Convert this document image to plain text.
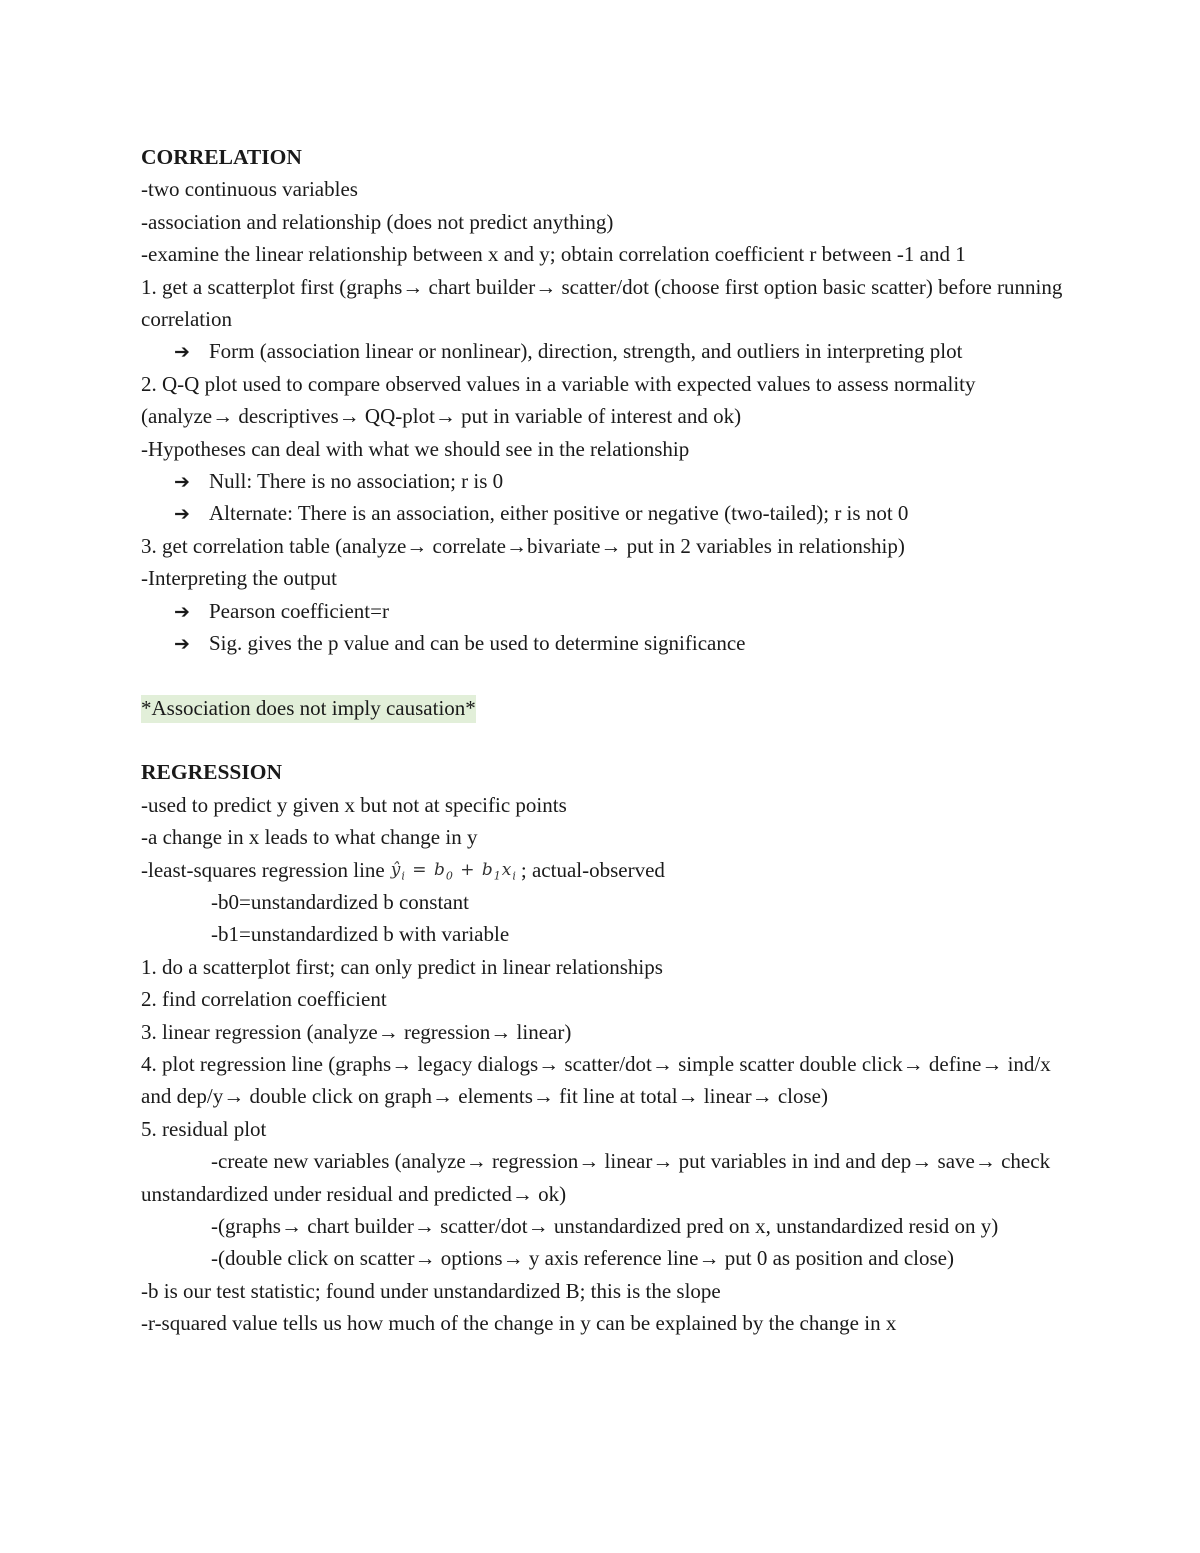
CORRELATION
-two continuous variables
-association and relationship (does not predict anything)
-examine the linear relationship between x and y; obtain correlation coefficient r between -1 and 1
1. get a scatterplot first (graphs→ chart builder→ scatter/dot (choose first option basic scatter) before running correlation
➔ Form (association linear or nonlinear), direction, strength, and outliers in interpreting plot
2. Q-Q plot used to compare observed values in a variable with expected values to assess normality (analyze→ descriptives→ QQ-plot→ put in variable of interest and ok)
-Hypotheses can deal with what we should see in the relationship
➔ Null: There is no association; r is 0
➔ Alternate: There is an association, either positive or negative (two-tailed); r is not 0
3. get correlation table (analyze→ correlate→bivariate→ put in 2 variables in relationship)
-Interpreting the output
➔ Pearson coefficient=r
➔ Sig. gives the p value and can be used to determine significance
*Association does not imply causation*
REGRESSION
-used to predict y given x but not at specific points
-a change in x leads to what change in y
-least-squares regression line $ŷ_i = b_0 + b_1x_i$ ; actual-observed
-b0=unstandardized b constant
-b1=unstandardized b with variable
1. do a scatterplot first; can only predict in linear relationships
2. find correlation coefficient
3. linear regression (analyze→ regression→ linear)
4. plot regression line (graphs→ legacy dialogs→ scatter/dot→ simple scatter double click→ define→ ind/x and dep/y→ double click on graph→ elements→ fit line at total→ linear→ close)
5. residual plot
-create new variables (analyze→ regression→ linear→ put variables in ind and dep→ save→ check unstandardized under residual and predicted→ ok)
-(graphs→ chart builder→ scatter/dot→ unstandardized pred on x, unstandardized resid on y)
-(double click on scatter→ options→ y axis reference line→ put 0 as position and close)
-b is our test statistic; found under unstandardized B; this is the slope
-r-squared value tells us how much of the change in y can be explained by the change in x
